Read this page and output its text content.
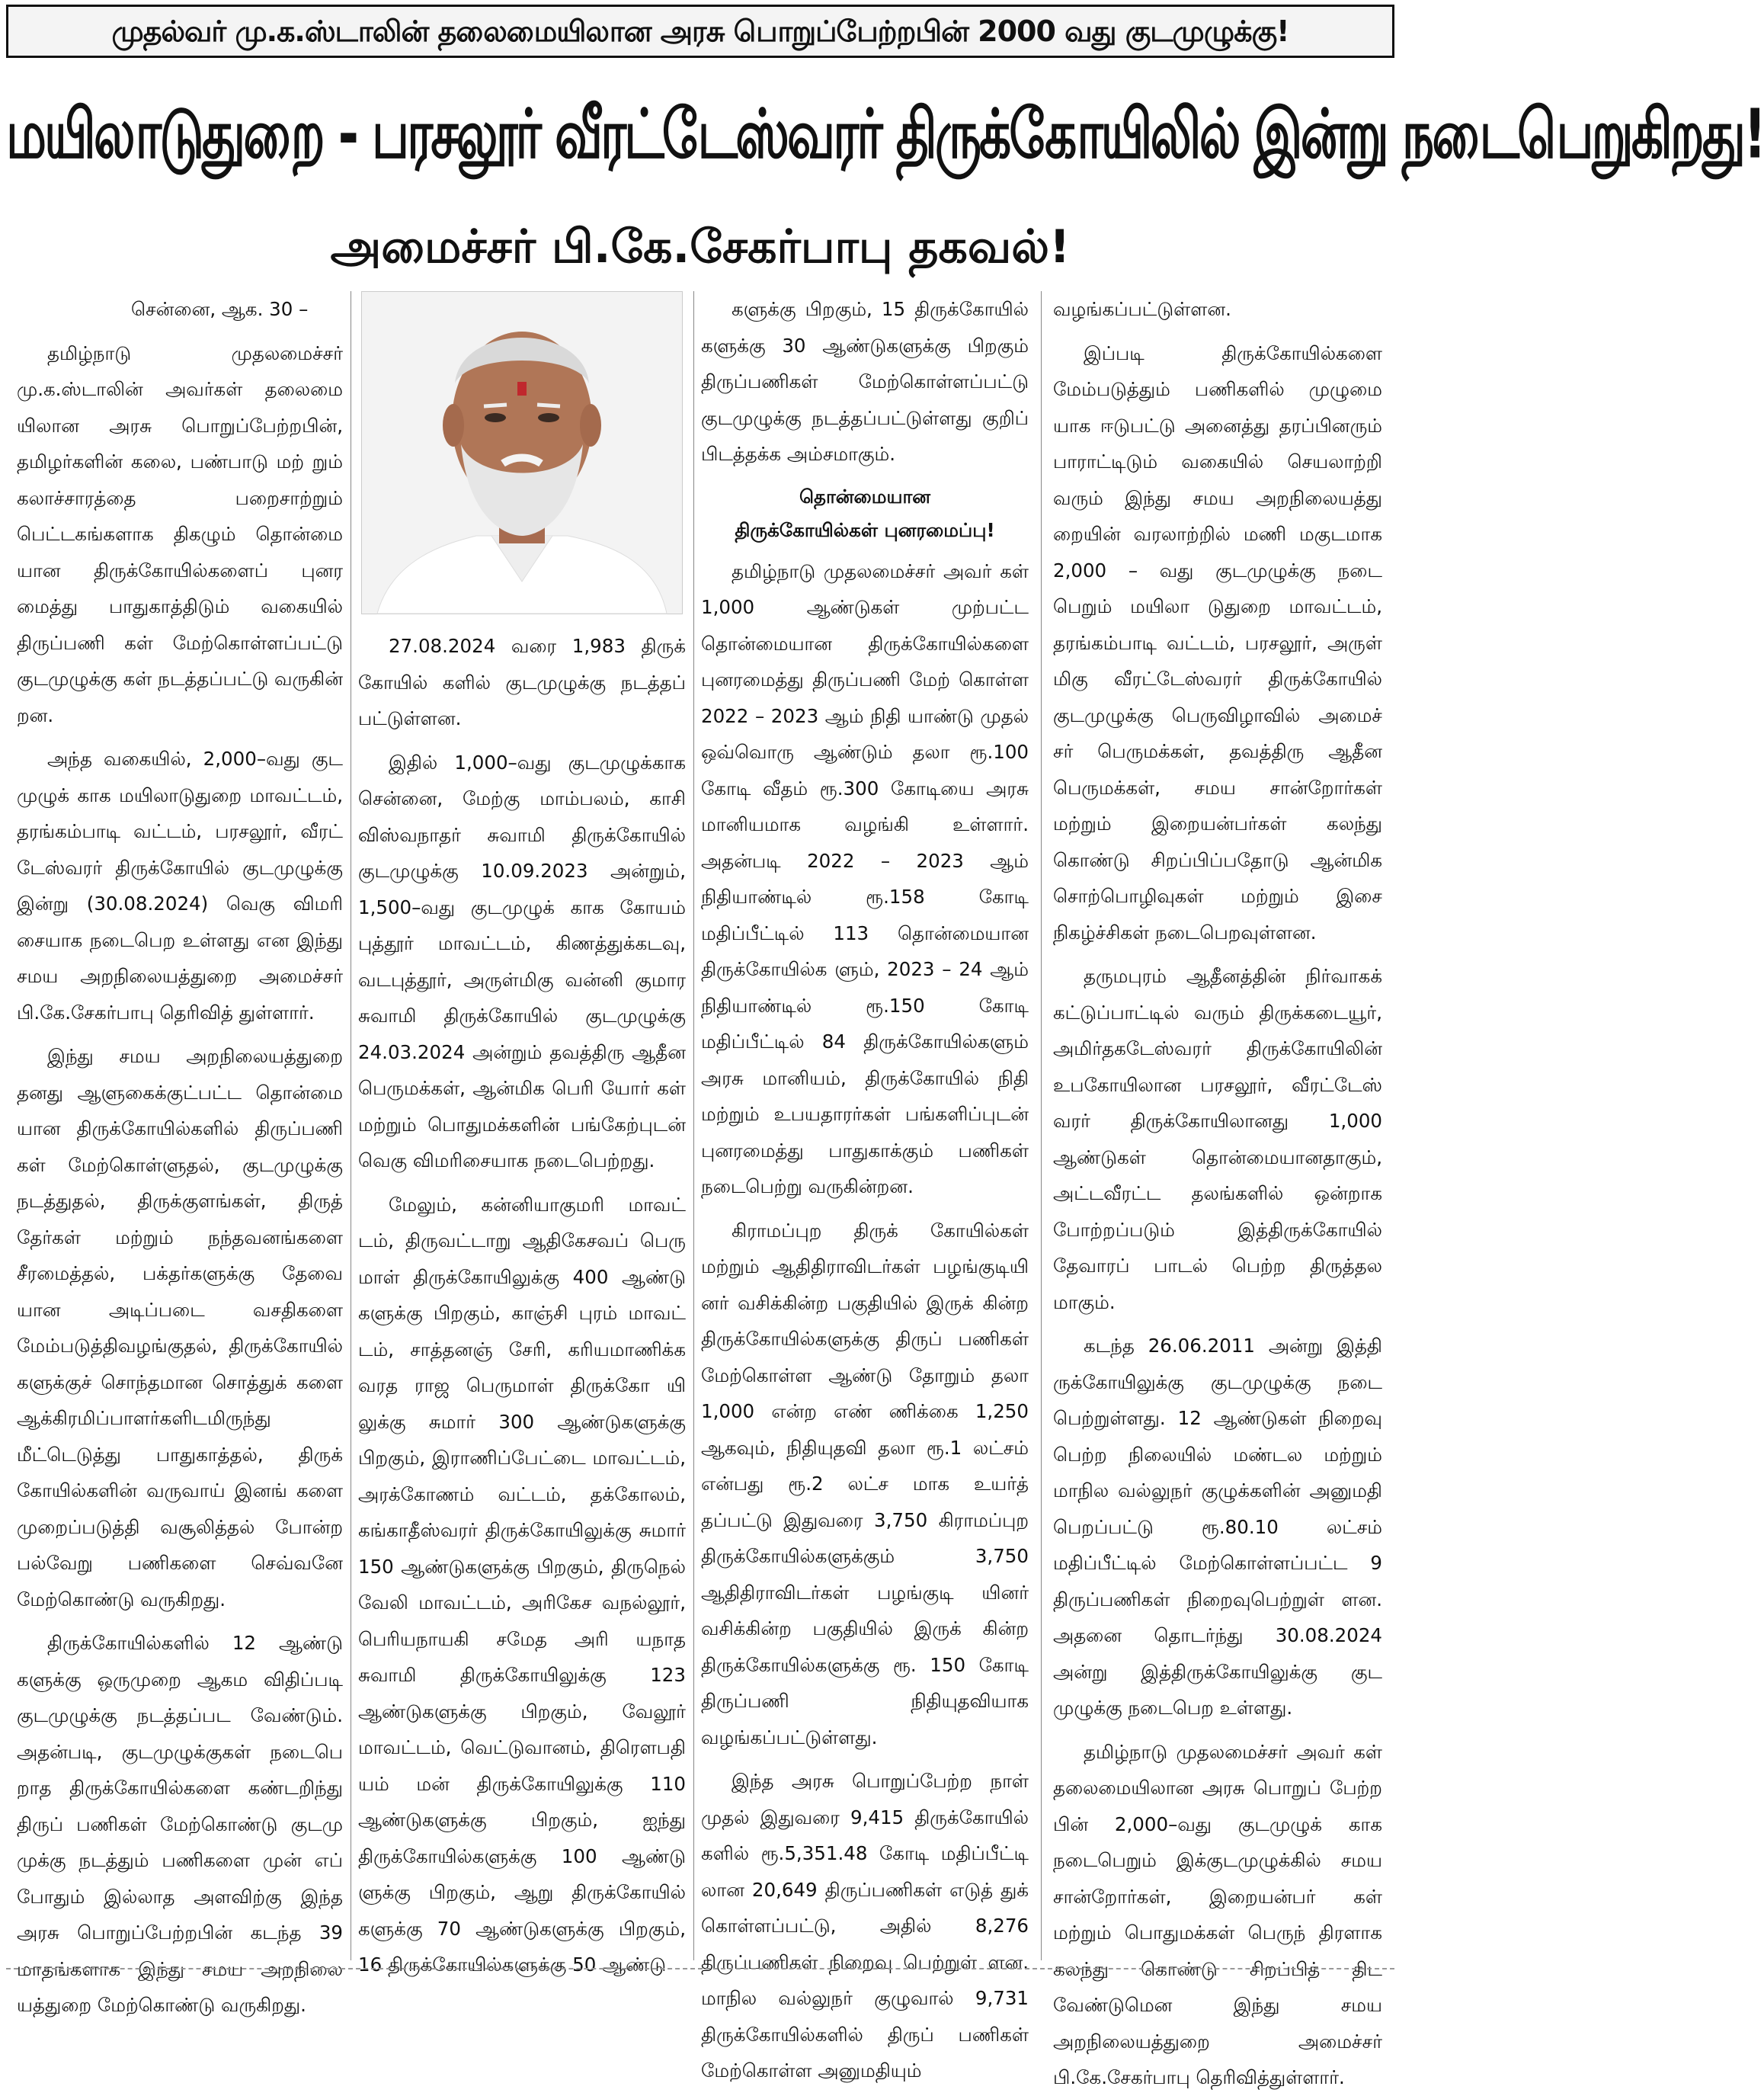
முதல்வர் மு.க.ஸ்டாலின் தலைமையிலான அரசு பொறுப்பேற்றபின் 2000 வது குடமுழுக்கு!
மயிலாடுதுறை - பரசலூர் வீரட்டேஸ்வரர் திருக்கோயிலில் இன்று நடைபெறுகிறது!
அமைச்சர் பி.கே.சேகர்பாபு தகவல்!

சென்னை, ஆக. 30 –

தமிழ்நாடு முதலமைச்சர் மு.க.ஸ்டாலின் அவர்கள் தலைமை யிலான அரசு பொறுப்பேற்றபின், தமிழர்களின் கலை, பண்பாடு மற் றும் கலாச்சாரத்தை பறைசாற்றும் பெட்டகங்களாக திகழும் தொன்மை யான திருக்கோயில்களைப் புனர மைத்து பாதுகாத்திடும் வகையில் திருப்பணி கள் மேற்கொள்ளப்பட்டு குடமுழுக்கு கள் நடத்தப்பட்டு வருகின் றன.

அந்த வகையில், 2,000–வது குட முழுக் காக மயிலாடுதுறை மாவட்டம், தரங்கம்பாடி வட்டம், பரசலூர், வீரட் டேஸ்வரர் திருக்கோயில் குடமுழுக்கு இன்று (30.08.2024) வெகு விமரி சையாக நடைபெற உள்ளது என இந்து சமய அறநிலையத்துறை அமைச்சர் பி.கே.சேகர்பாபு தெரிவித் துள்ளார்.

இந்து சமய அறநிலையத்துறை தனது ஆளுகைக்குட்பட்ட தொன்மை யான திருக்கோயில்களில் திருப்பணி கள் மேற்கொள்ளுதல், குடமுழுக்கு நடத்துதல், திருக்குளங்கள், திருத் தேர்கள் மற்றும் நந்தவனங்களை சீரமைத்தல், பக்தர்களுக்கு தேவை யான அடிப்படை வசதிகளை மேம்படுத்திவழங்குதல், திருக்கோயில் களுக்குச் சொந்தமான சொத்துக் களை ஆக்கிரமிப்பாளர்களிடமிருந்து மீட்டெடுத்து பாதுகாத்தல், திருக் கோயில்களின் வருவாய் இனங் களை முறைப்படுத்தி வசூலித்தல் போன்ற பல்வேறு பணிகளை செவ்வனே மேற்கொண்டு வருகிறது.

திருக்கோயில்களில் 12 ஆண்டு களுக்கு ஒருமுறை ஆகம விதிப்படி குடமுழுக்கு நடத்தப்பட வேண்டும். அதன்படி, குடமுழுக்குகள் நடைபெ றாத திருக்கோயில்களை கண்டறிந்து திருப் பணிகள் மேற்கொண்டு குடமு முக்கு நடத்தும் பணிகளை முன் எப் போதும் இல்லாத அளவிற்கு இந்த அரசு பொறுப்பேற்றபின் கடந்த 39 மாதங்களாக இந்து சமய அறநிலை யத்துறை மேற்கொண்டு வருகிறது.

27.08.2024 வரை 1,983 திருக் கோயில் களில் குடமுழுக்கு நடத்தப் பட்டுள்ளன.

இதில் 1,000–வது குடமுழுக்காக சென்னை, மேற்கு மாம்பலம், காசி விஸ்வநாதர் சுவாமி திருக்கோயில் குடமுழுக்கு 10.09.2023 அன்றும், 1,500–வது குடமுழுக் காக கோயம் புத்தூர் மாவட்டம், கிணத்துக்கடவு, வடபுத்தூர், அருள்மிகு வன்னி குமார சுவாமி திருக்கோயில் குடமுழுக்கு 24.03.2024 அன்றும் தவத்திரு ஆதீன பெருமக்கள், ஆன்மிக பெரி யோர் கள் மற்றும் பொதுமக்களின் பங்கேற்புடன் வெகு விமரிசையாக நடைபெற்றது.

மேலும், கன்னியாகுமரி மாவட் டம், திருவட்டாறு ஆதிகேசவப் பெரு மாள் திருக்கோயிலுக்கு 400 ஆண்டு களுக்கு பிறகும், காஞ்சி புரம் மாவட் டம், சாத்தனஞ் சேரி, கரியமாணிக்க வரத ராஜ பெருமாள் திருக்கோ யி லுக்கு சுமார் 300 ஆண்டுகளுக்கு பிறகும், இராணிப்பேட்டை மாவட்டம், அரக்கோணம் வட்டம், தக்கோலம், கங்காதீஸ்வரர் திருக்கோயிலுக்கு சுமார் 150 ஆண்டுகளுக்கு பிறகும், திருநெல் வேலி மாவட்டம், அரிகேச வநல்லூர், பெரியநாயகி சமேத அரி யநாத சுவாமி திருக்கோயிலுக்கு 123 ஆண்டுகளுக்கு பிறகும், வேலூர் மாவட்டம், வெட்டுவானம், திரௌபதி யம் மன் திருக்கோயிலுக்கு 110 ஆண்டுகளுக்கு பிறகும், ஐந்து திருக்கோயில்களுக்கு 100 ஆண்டு ளுக்கு பிறகும், ஆறு திருக்கோயில் களுக்கு 70 ஆண்டுகளுக்கு பிறகும், 16 திருக்கோயில்களுக்கு 50 ஆண்டு

களுக்கு பிறகும், 15 திருக்கோயில் களுக்கு 30 ஆண்டுகளுக்கு பிறகும் திருப்பணிகள் மேற்கொள்ளப்பட்டு குடமுழுக்கு நடத்தப்பட்டுள்ளது குறிப் பிடத்தக்க அம்சமாகும்.

தொன்மையான
திருக்கோயில்கள் புனரமைப்பு!

தமிழ்நாடு முதலமைச்சர் அவர் கள் 1,000 ஆண்டுகள் முற்பட்ட தொன்மையான திருக்கோயில்களை புனரமைத்து திருப்பணி மேற் கொள்ள 2022 – 2023 ஆம் நிதி யாண்டு முதல் ஒவ்வொரு ஆண்டும் தலா ரூ.100 கோடி வீதம் ரூ.300 கோடியை அரசு மானியமாக வழங்கி உள்ளார். அதன்படி 2022 – 2023 ஆம் நிதியாண்டில் ரூ.158 கோடி மதிப்பீட்டில் 113 தொன்மையான திருக்கோயில்க ளும், 2023 – 24 ஆம் நிதியாண்டில் ரூ.150 கோடி மதிப்பீட்டில் 84 திருக்கோயில்களும் அரசு மானியம், திருக்கோயில் நிதி மற்றும் உபயதாரர்கள் பங்களிப்புடன் புனரமைத்து பாதுகாக்கும் பணிகள் நடைபெற்று வருகின்றன.

கிராமப்புற திருக் கோயில்கள் மற்றும் ஆதிதிராவிடர்கள் பழங்குடியி னர் வசிக்கின்ற பகுதியில் இருக் கின்ற திருக்கோயில்களுக்கு திருப் பணிகள் மேற்கொள்ள ஆண்டு தோறும் தலா 1,000 என்ற எண் ணிக்கை 1,250 ஆகவும், நிதியுதவி தலா ரூ.1 லட்சம் என்பது ரூ.2 லட்ச மாக உயர்த் தப்பட்டு இதுவரை 3,750 கிராமப்புற திருக்கோயில்களுக்கும் 3,750 ஆதிதிராவிடர்கள் பழங்குடி யினர் வசிக்கின்ற பகுதியில் இருக் கின்ற திருக்கோயில்களுக்கு ரூ. 150 கோடி திருப்பணி நிதியுதவியாக வழங்கப்பட்டுள்ளது.

இந்த அரசு பொறுப்பேற்ற நாள் முதல் இதுவரை 9,415 திருக்கோயில் களில் ரூ.5,351.48 கோடி மதிப்பீட்டி லான 20,649 திருப்பணிகள் எடுத் துக் கொள்ளப்பட்டு, அதில் 8,276 திருப்பணிகள் நிறைவு பெற்றுள் ளன. மாநில வல்லுநர் குழுவால் 9,731 திருக்கோயில்களில் திருப் பணிகள் மேற்கொள்ள அனுமதியும்

வழங்கப்பட்டுள்ளன.

இப்படி திருக்கோயில்களை மேம்படுத்தும் பணிகளில் முழுமை யாக ஈடுபட்டு அனைத்து தரப்பினரும் பாராட்டிடும் வகையில் செயலாற்றி வரும் இந்து சமய அறநிலையத்து றையின் வரலாற்றில் மணி மகுடமாக 2,000 – வது குடமுழுக்கு நடை பெறும் மயிலா டுதுறை மாவட்டம், தரங்கம்பாடி வட்டம், பரசலூர், அருள் மிகு வீரட்டேஸ்வரர் திருக்கோயில் குடமுழுக்கு பெருவிழாவில் அமைச் சர் பெருமக்கள், தவத்திரு ஆதீன பெருமக்கள், சமய சான்றோர்கள் மற்றும் இறையன்பர்கள் கலந்து கொண்டு சிறப்பிப்பதோடு ஆன்மிக சொற்பொழிவுகள் மற்றும் இசை நிகழ்ச்சிகள் நடைபெறவுள்ளன.

தருமபுரம் ஆதீனத்தின் நிர்வாகக் கட்டுப்பாட்டில் வரும் திருக்கடையூர், அமிர்தகடேஸ்வரர் திருக்கோயிலின் உபகோயிலான பரசலூர், வீரட்டேஸ் வரர் திருக்கோயிலானது 1,000 ஆண்டுகள் தொன்மையானதாகும், அட்டவீரட்ட தலங்களில் ஒன்றாக போற்றப்படும் இத்திருக்கோயில் தேவாரப் பாடல் பெற்ற திருத்தல மாகும்.

கடந்த 26.06.2011 அன்று இத்தி ருக்கோயிலுக்கு குடமுழுக்கு நடை பெற்றுள்ளது. 12 ஆண்டுகள் நிறைவு பெற்ற நிலையில் மண்டல மற்றும் மாநில வல்லுநர் குழுக்களின் அனுமதி பெறப்பட்டு ரூ.80.10 லட்சம் மதிப்பீட்டில் மேற்கொள்ளப்பட்ட 9 திருப்பணிகள் நிறைவுபெற்றுள் ளன. அதனை தொடர்ந்து 30.08.2024 அன்று இத்திருக்கோயிலுக்கு குட முழுக்கு நடைபெற உள்ளது.

தமிழ்நாடு முதலமைச்சர் அவர் கள் தலைமையிலான அரசு பொறுப் பேற்ற பின் 2,000–வது குடமுழுக் காக நடைபெறும் இக்குடமுழுக்கில் சமய சான்றோர்கள், இறையன்பர் கள் மற்றும் பொதுமக்கள் பெருந் திரளாக கலந்து கொண்டு சிறப்பித் திட வேண்டுமென இந்து சமய அறநிலையத்துறை அமைச்சர் பி.கே.சேகர்பாபு தெரிவித்துள்ளார்.
